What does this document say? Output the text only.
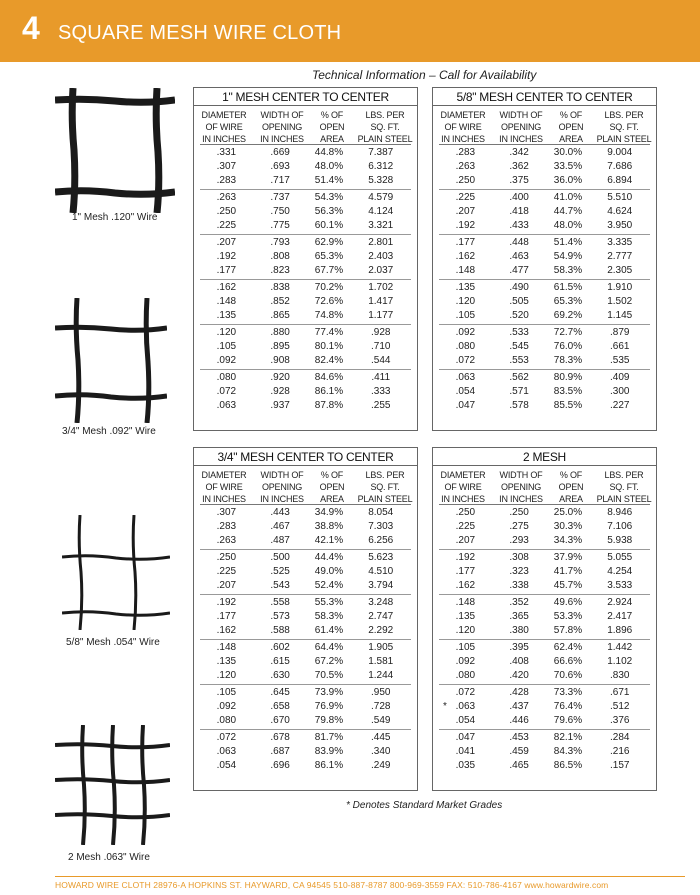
4 SQUARE MESH WIRE CLOTH
Technical Information – Call for Availability
1" Mesh .120" Wire
3/4" Mesh .092" Wire
5/8" Mesh .054" Wire
2 Mesh .063" Wire
1" MESH CENTER TO CENTER
DIAMETER
OF WIRE
IN INCHES
WIDTH OF
OPENING
IN INCHES
% OF
OPEN
AREA
LBS. PER
SQ. FT.
PLAIN STEEL
.331	.669	44.8%	7.387
.307	.693	48.0%	6.312
.283	.717	51.4%	5.328
.263	.737	54.3%	4.579
.250	.750	56.3%	4.124
.225	.775	60.1%	3.321
.207	.793	62.9%	2.801
.192	.808	65.3%	2.403
.177	.823	67.7%	2.037
.162	.838	70.2%	1.702
.148	.852	72.6%	1.417
.135	.865	74.8%	1.177
.120	.880	77.4%	.928
.105	.895	80.1%	.710
.092	.908	82.4%	.544
.080	.920	84.6%	.411
.072	.928	86.1%	.333
.063	.937	87.8%	.255
5/8" MESH CENTER TO CENTER
DIAMETER
OF WIRE
IN INCHES
WIDTH OF
OPENING
IN INCHES
% OF
OPEN
AREA
LBS. PER
SQ. FT.
PLAIN STEEL
.283	.342	30.0%	9.004
.263	.362	33.5%	7.686
.250	.375	36.0%	6.894
.225	.400	41.0%	5.510
.207	.418	44.7%	4.624
.192	.433	48.0%	3.950
.177	.448	51.4%	3.335
.162	.463	54.9%	2.777
.148	.477	58.3%	2.305
.135	.490	61.5%	1.910
.120	.505	65.3%	1.502
.105	.520	69.2%	1.145
.092	.533	72.7%	.879
.080	.545	76.0%	.661
.072	.553	78.3%	.535
.063	.562	80.9%	.409
.054	.571	83.5%	.300
.047	.578	85.5%	.227
3/4" MESH CENTER TO CENTER
DIAMETER
OF WIRE
IN INCHES
WIDTH OF
OPENING
IN INCHES
% OF
OPEN
AREA
LBS. PER
SQ. FT.
PLAIN STEEL
.307	.443	34.9%	8.054
.283	.467	38.8%	7.303
.263	.487	42.1%	6.256
.250	.500	44.4%	5.623
.225	.525	49.0%	4.510
.207	.543	52.4%	3.794
.192	.558	55.3%	3.248
.177	.573	58.3%	2.747
.162	.588	61.4%	2.292
.148	.602	64.4%	1.905
.135	.615	67.2%	1.581
.120	.630	70.5%	1.244
.105	.645	73.9%	.950
.092	.658	76.9%	.728
.080	.670	79.8%	.549
.072	.678	81.7%	.445
.063	.687	83.9%	.340
.054	.696	86.1%	.249
2 MESH
DIAMETER
OF WIRE
IN INCHES
WIDTH OF
OPENING
IN INCHES
% OF
OPEN
AREA
LBS. PER
SQ. FT.
PLAIN STEEL
.250	.250	25.0%	8.946
.225	.275	30.3%	7.106
.207	.293	34.3%	5.938
.192	.308	37.9%	5.055
.177	.323	41.7%	4.254
.162	.338	45.7%	3.533
.148	.352	49.6%	2.924
.135	.365	53.3%	2.417
.120	.380	57.8%	1.896
.105	.395	62.4%	1.442
.092	.408	66.6%	1.102
.080	.420	70.6%	.830
.072	.428	73.3%	.671
* .063	.437	76.4%	.512
.054	.446	79.6%	.376
.047	.453	82.1%	.284
.041	.459	84.3%	.216
.035	.465	86.5%	.157
* Denotes Standard Market Grades
HOWARD WIRE CLOTH 28976-A HOPKINS ST. HAYWARD, CA 94545 510-887-8787 800-969-3559 FAX: 510-786-4167 www.howardwire.com
